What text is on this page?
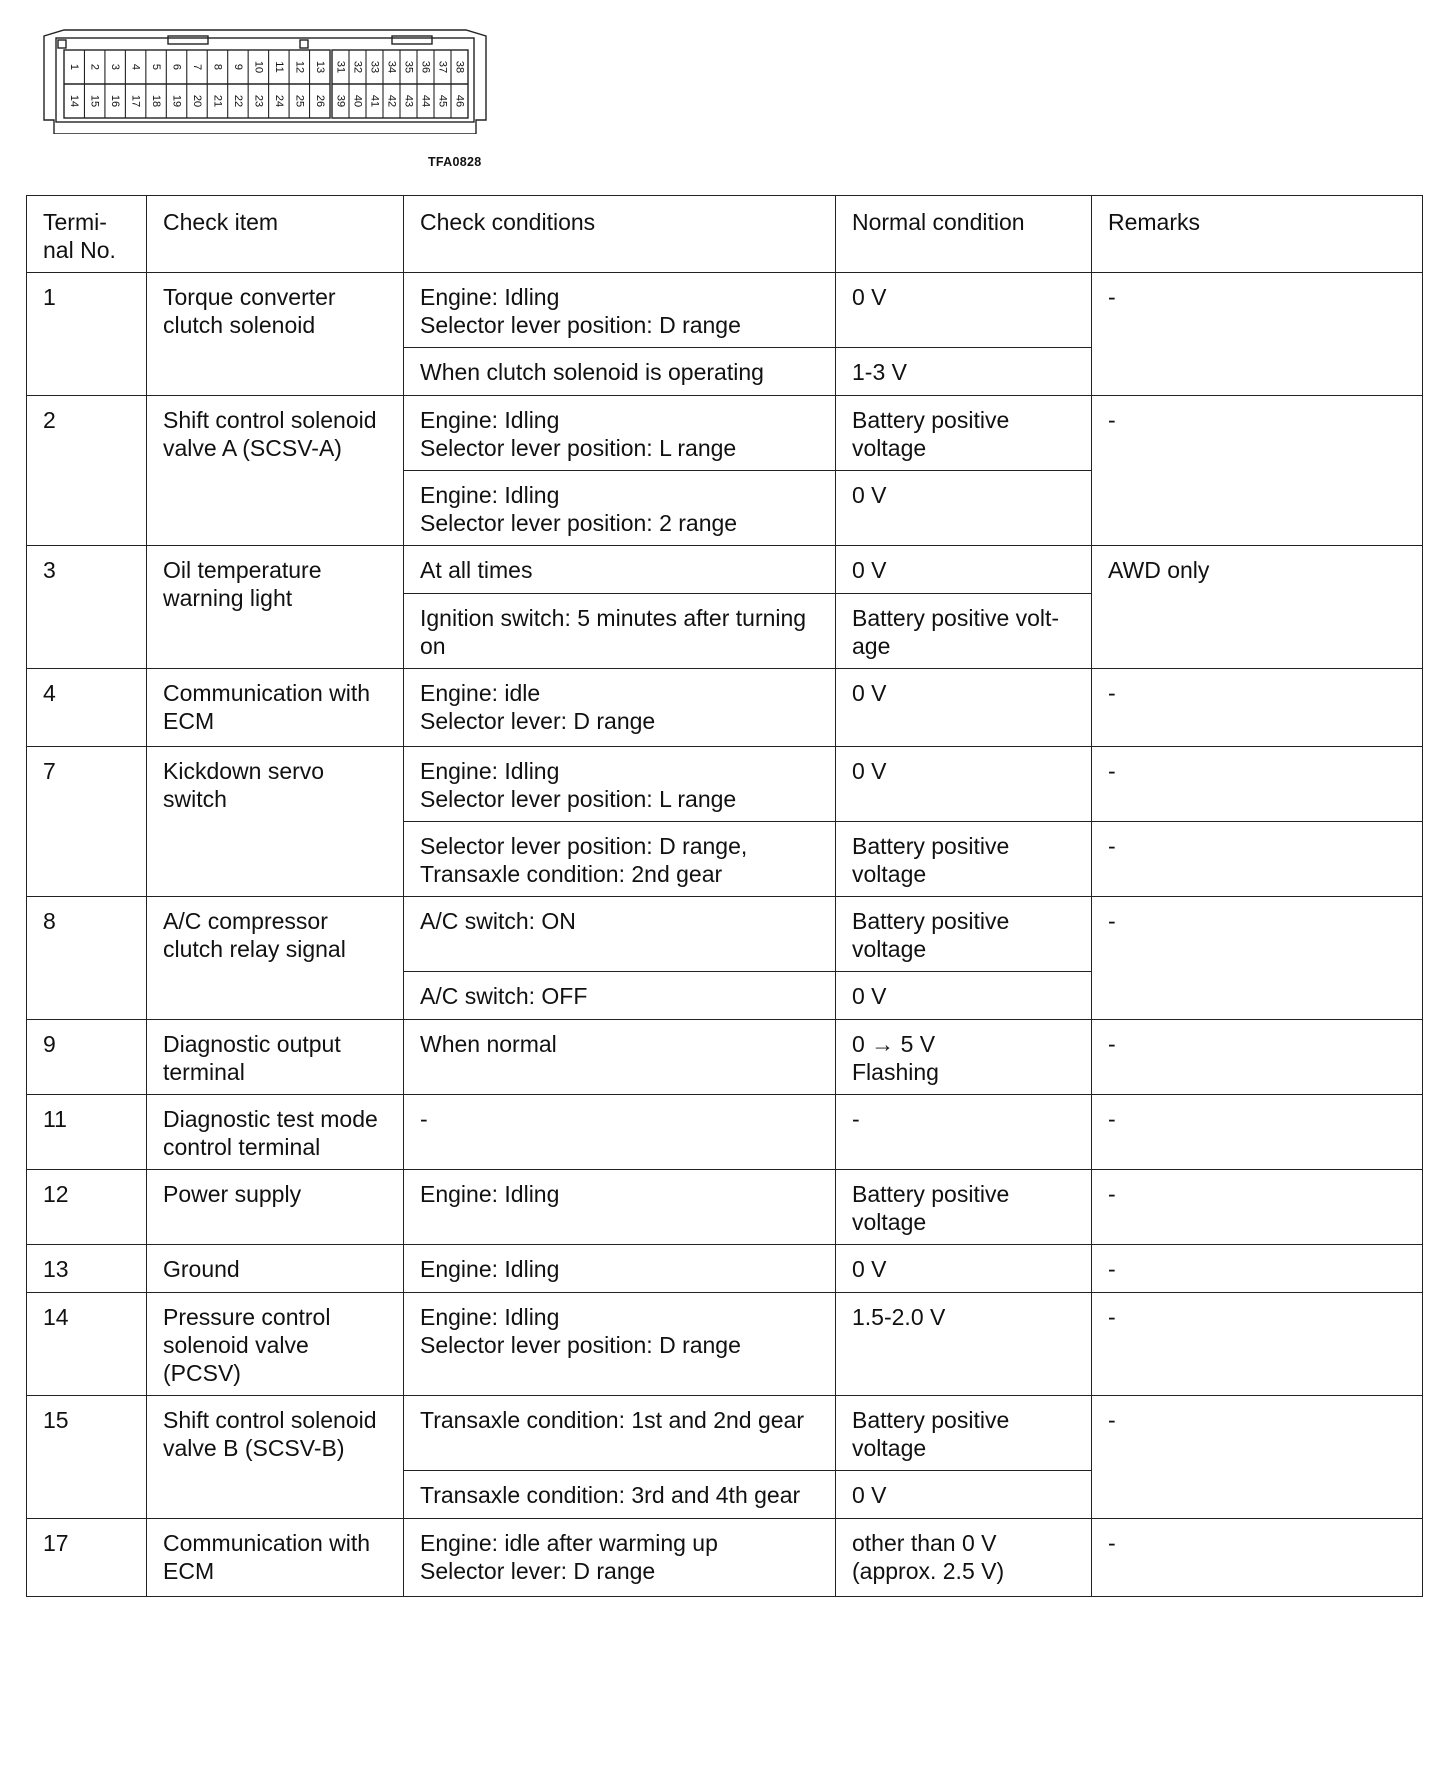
1 2 3 4 5 6 7 8 9 10 11 12 13
14 15 16 17 18 19 20 21 22 23 24 25 26
31 32 33 34 35 36 37 38
39 40 41 42 43 44 45 46
TFA0828
Termi-
nal No.	Check item	Check conditions	Normal condition	Remarks

1	Torque converter
clutch solenoid	Engine: Idling
Selector lever position: D range	0 V	-

		When clutch solenoid is operating	1-3 V	

2	Shift control solenoid
valve A (SCSV-A)	Engine: Idling
Selector lever position: L range	Battery positive
voltage	-

		Engine: Idling
Selector lever position: 2 range	0 V	

3	Oil temperature
warning light	At all times	0 V	AWD only

		Ignition switch: 5 minutes after turning
on	Battery positive volt-
age	

4	Communication with
ECM	Engine: idle
Selector lever: D range	0 V	-

7	Kickdown servo
switch	Engine: Idling
Selector lever position: L range	0 V	-

		Selector lever position: D range,
Transaxle condition: 2nd gear	Battery positive
voltage	-

8	A/C compressor
clutch relay signal	A/C switch: ON	Battery positive
voltage	-

		A/C switch: OFF	0 V	

9	Diagnostic output
terminal	When normal	0 → 5 V
Flashing	-

11	Diagnostic test mode
control terminal	-	-	-

12	Power supply	Engine: Idling	Battery positive
voltage	-

13	Ground	Engine: Idling	0 V	-

14	Pressure control
solenoid valve
(PCSV)	Engine: Idling
Selector lever position: D range	1.5-2.0 V	-

15	Shift control solenoid
valve B (SCSV-B)	Transaxle condition: 1st and 2nd gear	Battery positive
voltage	-

		Transaxle condition: 3rd and 4th gear	0 V	

17	Communication with
ECM	Engine: idle after warming up
Selector lever: D range	other than 0 V
(approx. 2.5 V)	-
